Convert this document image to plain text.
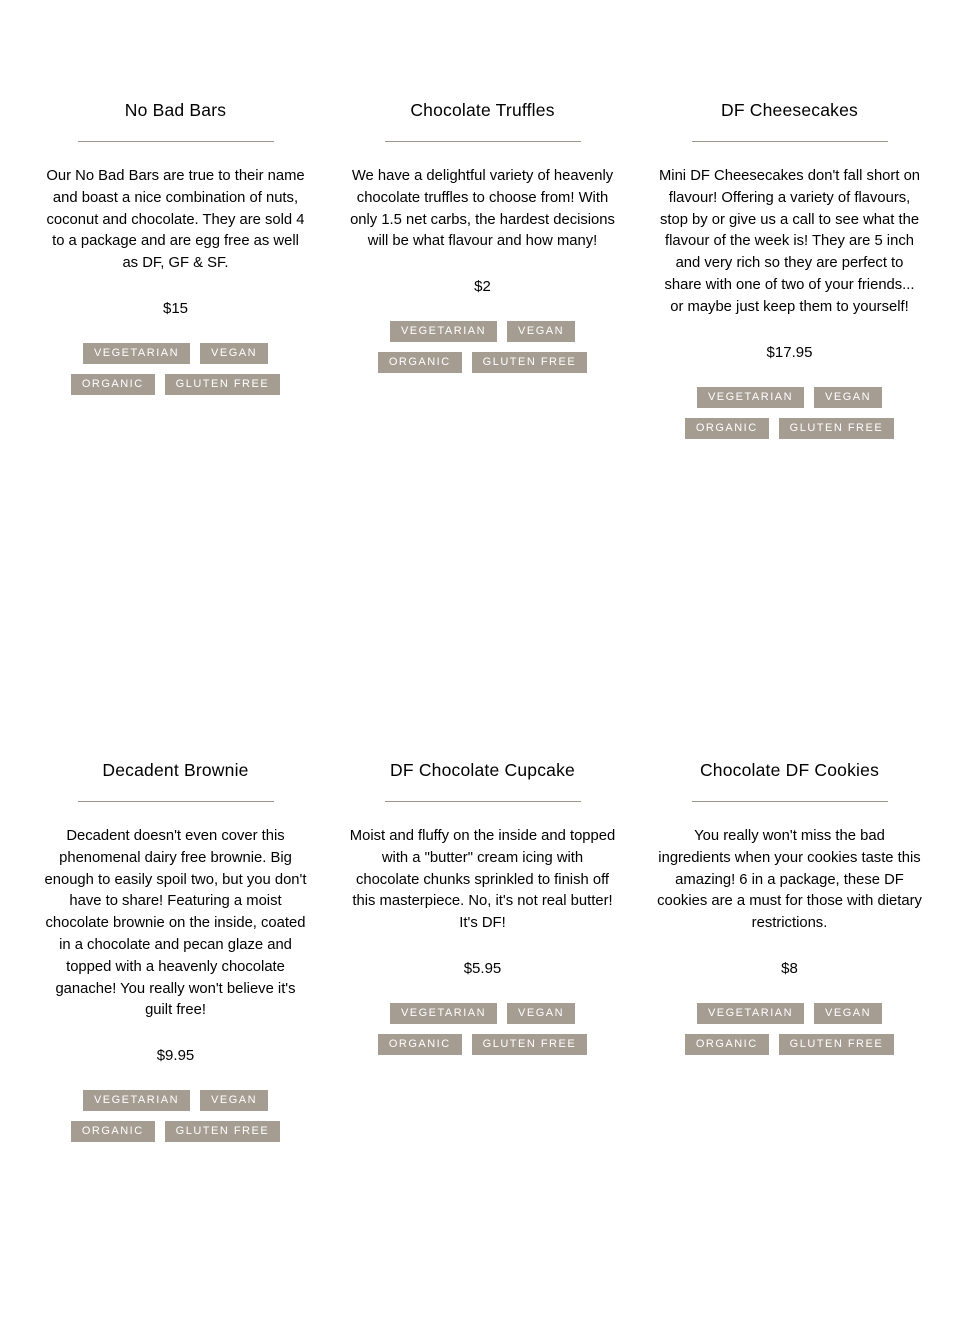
No Bad Bars

Our No Bad Bars are true to their name and boast a nice combination of nuts, coconut and chocolate. They are sold 4 to a package and are egg free as well as DF, GF & SF.

$15
VEGETARIAN	VEGAN
ORGANIC	GLUTEN FREE
Chocolate Truffles

We have a delightful variety of heavenly chocolate truffles to choose from! With only 1.5 net carbs, the hardest decisions will be what flavour and how many!

$2
VEGETARIAN	VEGAN
ORGANIC	GLUTEN FREE
DF Cheesecakes

Mini DF Cheesecakes don't fall short on flavour! Offering a variety of flavours, stop by or give us a call to see what the flavour of the week is! They are 5 inch and very rich so they are perfect to share with one of two of your friends... or maybe just keep them to yourself!

$17.95
VEGETARIAN	VEGAN
ORGANIC	GLUTEN FREE
Decadent Brownie

Decadent doesn't even cover this phenomenal dairy free brownie. Big enough to easily spoil two, but you don't have to share! Featuring a moist chocolate brownie on the inside, coated in a chocolate and pecan glaze and topped with a heavenly chocolate ganache! You really won't believe it's guilt free!

$9.95
VEGETARIAN	VEGAN
ORGANIC	GLUTEN FREE
DF Chocolate Cupcake

Moist and fluffy on the inside and topped with a "butter" cream icing with chocolate chunks sprinkled to finish off this masterpiece. No, it's not real butter! It's DF!

$5.95
VEGETARIAN	VEGAN
ORGANIC	GLUTEN FREE
Chocolate DF Cookies

You really won't miss the bad ingredients when your cookies taste this amazing! 6 in a package, these DF cookies are a must for those with dietary restrictions.

$8
VEGETARIAN	VEGAN
ORGANIC	GLUTEN FREE
